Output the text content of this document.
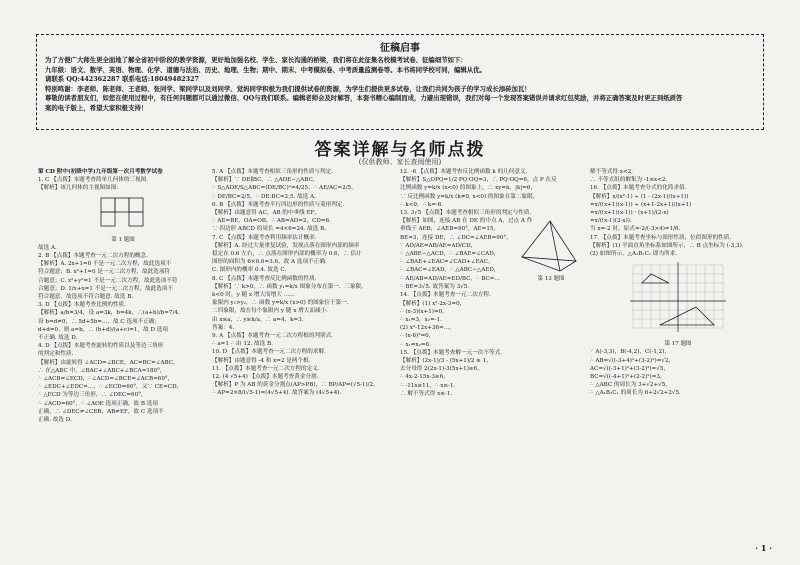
征稿启事

为了方便广大师生更全面地了解全省初中阶段的教学资源，更好地加强名校、学生、家长沟通的桥梁，我们将在此征集名校模考试卷、征编细节如下：

九年级：语文、数学、英语、物理、化学、道德与法治、历史、地理、生物；期中、期末、中考模拟卷、中考质量监测卷等。本书将同学校可同，编辑从优。

请联系 QQ:442362287 联系电话:18049482327

特别鸣谢：李老师、陈老师、王老师、张同学、梁同学以及刘同学、觉妈同学积极为我们提供试卷的资源，为学生们提供更多试卷，让我们共同为孩子的学习成长添砖加瓦！

尊敬的读者朋友们，如您在使用过程中，有任何问题都可以通过微信、QQ与我们联系。编辑老师会及时解答，本套书精心编制而成，力避出现错误，我们对每一个发现答案错误并请求红包奖励，并将正确答案及时更正到纸质答

案的电子版上，希望大家积极支持！

答案详解与名师点拨
(仅供教师、家长查阅使用)

第 CD 附中(初降中学)九年级第一次月考数学试卷

1. C 【点拨】本题考查简单几何体的三视图.

【解析】该几何体的主视图如图：

第 1 题图

故选 A.

2. B 【点拨】本题考查一元二次方程的概念.

【解析】A. 2x+1=0 不是一元二次方程，故此选项不

符合题意；B. x²+1=0 是一元二次方程，故此选项符

合题意；C. x²+y²=1 不是一元二次方程，故此选项不符

合题意；D. 1/x+x=1 不是一元二次方程，故此选项不

符合题意，故选项不符合题意. 故选 B.

3. D 【点拨】本题考查比例的性质.

【解析】a/b=3/4，设 a=3k，b=4k，∴(a+b)/b=7/4.

设 b=d≠0，∴ 5d+5b=...，故 C 选项不正确；

d+d=0，则 a=b，∴ (b+d)/(a+c)=1，故 D 选项

不正确. 故选 D.

4. D 【点拨】本题考查旋转的性质以及等边三角形

的判定和性质.

【解析】由旋转得 ∠ACD=∠BCE，AC=BC=∠ABC，

∴ 在△ABC 中，∠BAC+∠ABC+∠BCA=180°，

∴ ∠ACB=∠ECD，∴∠ACD=∠BCE=∠ACB=60°，

∴ ∠EDC+∠EDC=...，∴ ∠ECD=60°，又∵ CE=CD，

∴ △ECD 为等边三角形，∴ ∠DEC=60°，

∴ ∠ACD=60°，∴ ∠AOE 选项正确，故 B 选项

正确，∴ ∠DEC≠∠CEB，AB≠EF，故 C 选项不

正确. 故选 D.

5. A 【点拨】本题考查相似三角形的性质与判定.

【解析】∵ DE∥BC，∴ △ADE∽△ABC，

∴ S△ADE/S△ABC=(DE/BC)²=4/25，∴ AE/AC=2/5，

∴ DE/BC=2/5，∴ DE:BC=2:5. 故选 A.

6. B 【点拨】本题考查平行四边形的性质与菱形判定.

【解析】由题意得 AC，AB 的中垂线 EF，

∴ AE=BE，OA=OB，∴ AB=AD=2，CD=6.

∵ 四边形 ABCD 的周长 =4×6=24. 故选 B.

7. C 【点拨】本题考查利用频率估计概率.

【解析】A. 经过大量重复试验，发现点落在图形内部的频率

稳定在 0.6 左右，∴ 点落在图形内部的概率为 0.6，∴ 估计

图形的面积为 6×0.6=3.6，故 A 选项不正确.

C. 图形内的概率 0.4. 故选 C.

8. C 【点拨】本题考查反比例函数的性质.

【解析】∵ k>0，∴ 函数 y₁=k/x 图象分布在第一、三象限，

k<0 时，y 随 x 增大而增大 ……

象限内 y₁>y₂，∴ 函数 y=k/x (x>0) 的图象位于第一、

二四象限，故在每个象限内 y 随 x 增大而减小.

由 x≤a，∴ y≥k/a，∴ a=4，k=3.

答案：4.

9. A 【点拨】本题考查一元二次方程根的判别式.

∴ a=1 ∴ 由 12. 故选 B.

10. D 【点拨】本题考查一元二次方程的求解.

【解析】由题意得 -4 和 x=2 是两个根.

11. 【点拨】本题考查一元二次方程的定义.

12. (4 √5+4) 【点拨】本题考查黄金分割.

【解析】P 为 AB 的黄金分割点(AP>PB)，∴ BP/AP=(√5-1)/2，

∴ AP=2×8/(√5-1)=(4√5+4). 故答案为 (4√5+4).

12. -6 【点拨】本题考查反比例函数 k 的几何意义.

【解析】S△OPQ=1/2·PQ·OQ=3，∴ PQ·OQ=6，点 P 在反

比例函数 y=k/x (x<0) 的图象上，∴ xy=k，|k|=6，

∵ 反比例函数 y=k/x (k≠0, x<0) 的图象在第二象限，

∴ k<0，∴ k=-6.

13. 3√5 【点拨】本题考查相似三角形的判定与性质.

【解析】如图，连接 AB 在 DE 的中点 A，过点 A 作

垂线于 AEB，∠AEB=90°，AE=15，

BE=3，连接 DE，∴ ∠DC=∠AEB=90°，

∵ AD/AE=AB/AE=AD/CD，

∴ △ABE∽△ACD，∴ ∠BAE=∠CAD，

∴ ∠BAE+∠EAC=∠CAD+∠EAC，

∴ ∠BAC=∠EAD，∴ △ABC∽△AED，

∴ AE/AB=AD/AE=ED/BC，∴ BC=...	第 13 题图

∴ BE=3√5. 故答案为 3√5.

14. 【点拨】本题考查一元二次方程.

【解析】(1) x²-2x-3=0，

∴ (x-3)(x+1)=0，

∴ x₁=3，x₂=-1.

(2) x²-12x+36=...，

∴ (x-6)²=0，

∴ x₁=x₂=6.

15. 【点拨】本题考查解一元一次不等式.

【解析】(2x-1)/3 - (5x+1)/2 ≥ 1，

去分母得 2(2x-1)-3(5x+1)≥6，

∴ 4x-2-15x-3≥6，

∴ -11x≥11，∴ x≤-1.

∴ 解不等式得 x≤-1.

解不等式得 x<2,

∴ 不等式组的解集为 -1≤x<2.

16. 【点拨】本题考查分式的化简求值.

【解析】x/(x²-1) ÷ (1 - (2x-1)/(x+1))

=x/((x+1)(x-1)) ÷ (x+1-2x+1)/(x+1)

=x/((x+1)(x-1)) · (x+1)/(2-x)

=x/((x-1)(2-x)).

当 x=-2 时，原式=-2/(-3×4)=1/6.

17. 【点拨】本题考查坐标与图形性质，位似图形的性质.

【解析】(1) 平面直角坐标系如图所示，∴ B 点坐标为 (-3,3).

(2) 如图所示，△A₁B₁C₁ 即为所求.

第 17 题图

∵ A(-3,3)，B(-4,2)，C(-1,2)，

∴ AB=√((-3+4)²+(3-2)²)=√2，

AC=√((-3+1)²+(3-2)²)=√5，

BC=√((-4+1)²+(2-2)²)=3，

∴ △ABC 的周长为 3+√2+√5，

∴ △A₁B₁C₁ 的周长为 6+2√2+2√5.

· 1 ·
